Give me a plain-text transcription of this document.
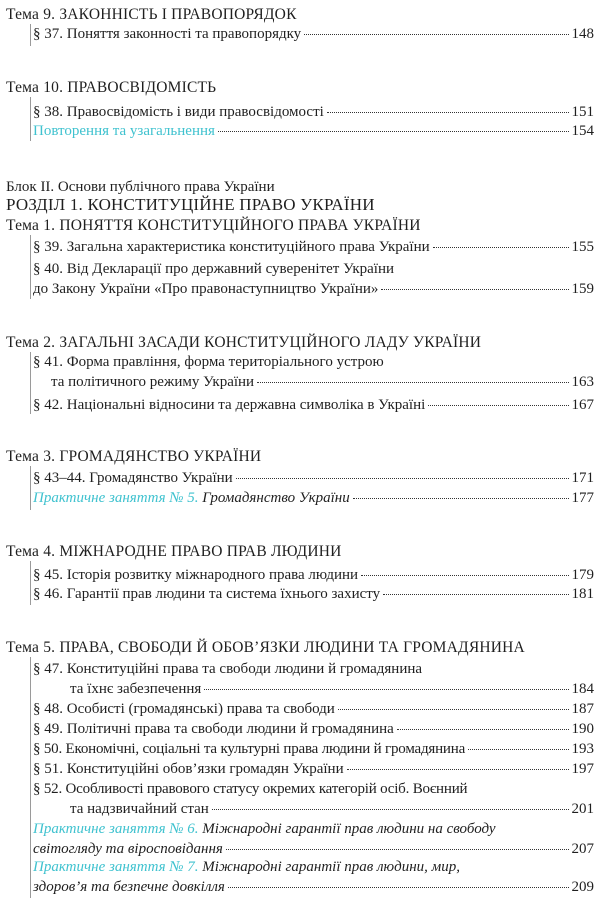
Тема 9. ЗАКОННІСТЬ І ПРАВОПОРЯДОК
§ 37. Поняття законності та правопорядку	148
Тема 10. ПРАВОСВІДОМІСТЬ
§ 38. Правосвідомість і види правосвідомості	151
Повторення та узагальнення	154
Блок ІІ. Основи публічного права України
РОЗДІЛ 1. КОНСТИТУЦІЙНЕ ПРАВО УКРАЇНИ
Тема 1. ПОНЯТТЯ КОНСТИТУЦІЙНОГО ПРАВА УКРАЇНИ
§ 39. Загальна характеристика конституційного права України	155
§ 40. Від Декларації про державний суверенітет України
до Закону України «Про правонаступництво України»	159
Тема 2. ЗАГАЛЬНІ ЗАСАДИ КОНСТИТУЦІЙНОГО ЛАДУ УКРАЇНИ
§ 41. Форма правління, форма територіального устрою
та політичного режиму України	163
§ 42. Національні відносини та державна символіка в Україні	167
Тема 3. ГРОМАДЯНСТВО УКРАЇНИ
§ 43–44. Громадянство України	171
Практичне заняття № 5. Громадянство України	177
Тема 4. МІЖНАРОДНЕ ПРАВО ПРАВ ЛЮДИНИ
§ 45. Історія розвитку міжнародного права людини	179
§ 46. Гарантії прав людини та система їхнього захисту	181
Тема 5. ПРАВА, СВОБОДИ Й ОБОВ’ЯЗКИ ЛЮДИНИ ТА ГРОМАДЯНИНА
§ 47. Конституційні права та свободи людини й громадянина
та їхнє забезпечення	184
§ 48. Особисті (громадянські) права та свободи	187
§ 49. Політичні права та свободи людини й громадянина	190
§ 50. Економічні, соціальні та культурні права людини й громадянина	193
§ 51. Конституційні обов’язки громадян України	197
§ 52. Особливості правового статусу окремих категорій осіб. Воєнний
та надзвичайний стан	201
Практичне заняття № 6. Міжнародні гарантії прав людини на свободу
світогляду та віросповідання	207
Практичне заняття № 7. Міжнародні гарантії прав людини, мир,
здоров’я та безпечне довкілля	209
